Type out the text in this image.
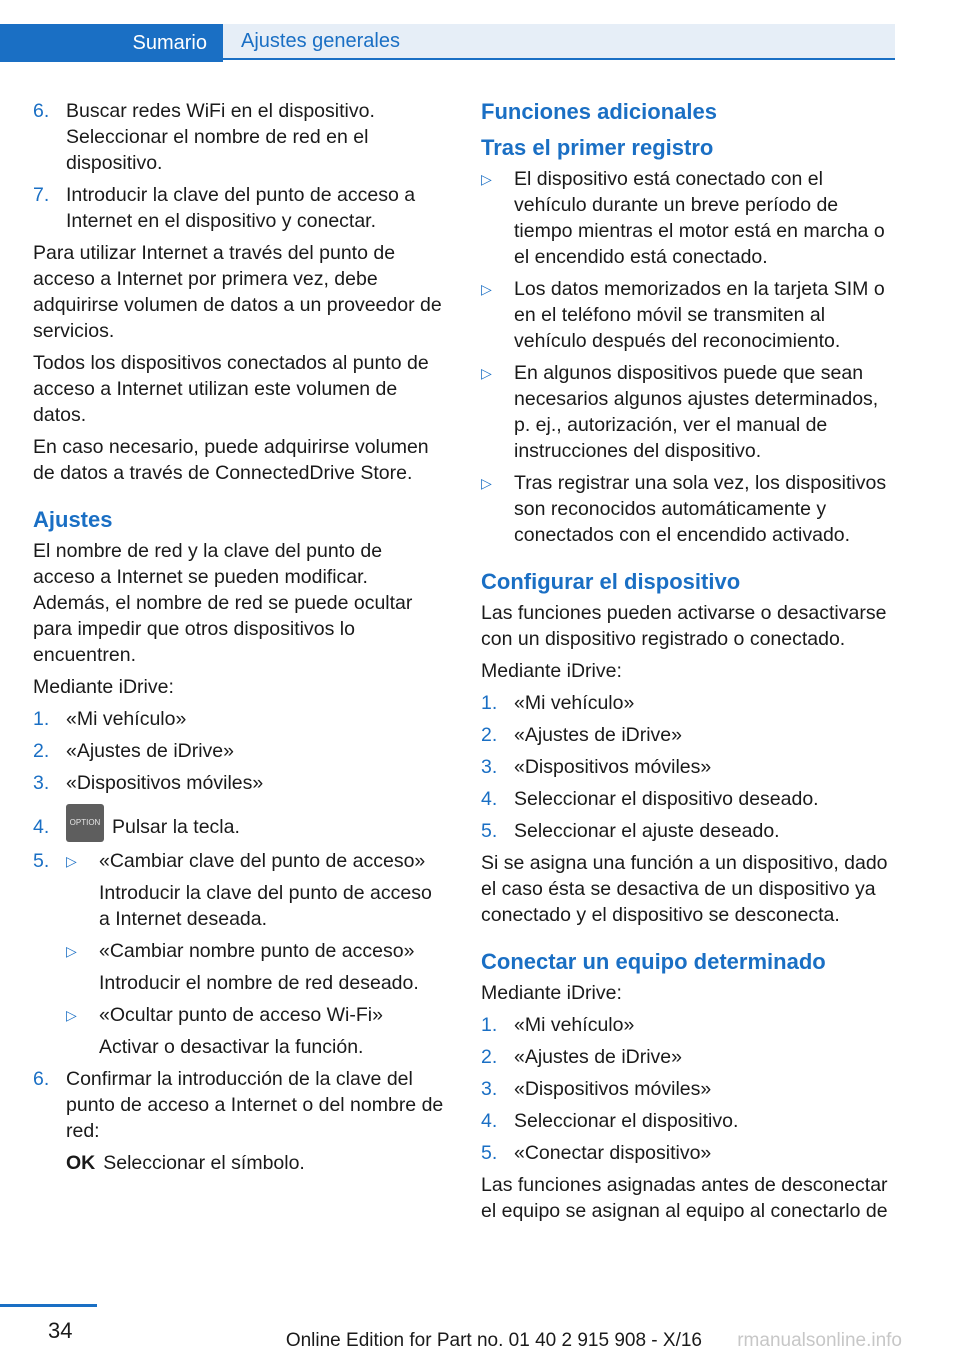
Sumario	Ajustes generales
6. Buscar redes WiFi en el dispositivo. Seleccionar el nombre de red en el dispositivo.
7. Introducir la clave del punto de acceso a Internet en el dispositivo y conectar.

Para utilizar Internet a través del punto de acceso a Internet por primera vez, debe adquirirse volumen de datos a un proveedor de servicios.

Todos los dispositivos conectados al punto de acceso a Internet utilizan este volumen de datos.

En caso necesario, puede adquirirse volumen de datos a través de ConnectedDrive Store.

Ajustes

El nombre de red y la clave del punto de acceso a Internet se pueden modificar. Además, el nombre de red se puede ocultar para impedir que otros dispositivos lo encuentren.

Mediante iDrive:

1. «Mi vehículo»
2. «Ajustes de iDrive»
3. «Dispositivos móviles»
4.	OPTION Pulsar la tecla.
5. ▷ «Cambiar clave del punto de acceso»
Introducir la clave del punto de acceso a Internet deseada.
▷ «Cambiar nombre punto de acceso»
Introducir el nombre de red deseado.
▷ «Ocultar punto de acceso Wi-Fi»
Activar o desactivar la función.
6. Confirmar la introducción de la clave del punto de acceso a Internet o del nombre de red:
OK Seleccionar el símbolo.
Funciones adicionales
Tras el primer registro
▷ El dispositivo está conectado con el vehículo durante un breve período de tiempo mientras el motor está en marcha o el encendido está conectado.
▷ Los datos memorizados en la tarjeta SIM o en el teléfono móvil se transmiten al vehículo después del reconocimiento.
▷ En algunos dispositivos puede que sean necesarios algunos ajustes determinados, p. ej., autorización, ver el manual de instrucciones del dispositivo.
▷ Tras registrar una sola vez, los dispositivos son reconocidos automáticamente y conectados con el encendido activado.
Configurar el dispositivo

Las funciones pueden activarse o desactivarse con un dispositivo registrado o conectado.

Mediante iDrive:

1. «Mi vehículo»
2. «Ajustes de iDrive»
3. «Dispositivos móviles»
4. Seleccionar el dispositivo deseado.
5. Seleccionar el ajuste deseado.

Si se asigna una función a un dispositivo, dado el caso ésta se desactiva de un dispositivo ya conectado y el dispositivo se desconecta.

Conectar un equipo determinado

Mediante iDrive:

1. «Mi vehículo»
2. «Ajustes de iDrive»
3. «Dispositivos móviles»
4. Seleccionar el dispositivo.
5. «Conectar dispositivo»

Las funciones asignadas antes de desconectar el equipo se asignan al equipo al conectarlo de

34	Online Edition for Part no. 01 40 2 915 908 - X/16 rmanualsonline.info
